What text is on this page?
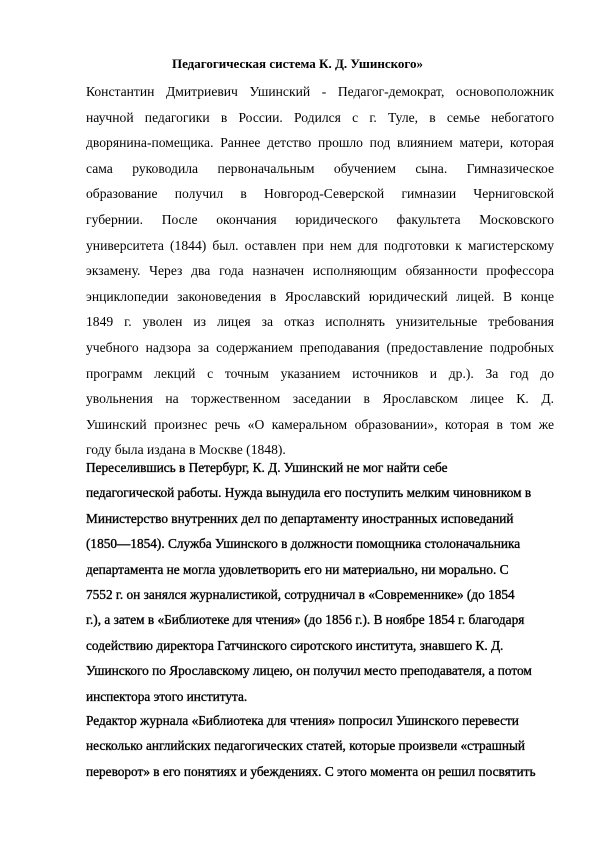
Педагогическая система К. Д. Ушинского»
Константин Дмитриевич Ушинский - Педагог-демократ, основоположник
научной педагогики в России. Родился с г. Туле, в семье небогатого
дворянина-помещика. Раннее детство прошло под влиянием матери, которая
сама руководила первоначальным обучением сына. Гимназическое
образование получил в Новгород-Северской гимназии Черниговской
губернии. После окончания юридического факультета Московского
университета (1844) был. оставлен при нем для подготовки к магистерскому
экзамену. Через два года назначен исполняющим обязанности профессора
энциклопедии законоведения в Ярославский юридический лицей. В конце
1849 г. уволен из лицея за отказ исполнять унизительные требования
учебного надзора за содержанием преподавания (предоставление подробных
программ лекций с точным указанием источников и др.). За год до
увольнения на торжественном заседании в Ярославском лицее К. Д.
Ушинский произнес речь «О камеральном образовании», которая в том же
году была издана в Москве (1848).
Переселившись в Петербург, К. Д. Ушинский не мог найти себе
педагогической работы. Нужда вынудила его поступить мелким чиновником в
Министерство внутренних дел по департаменту иностранных исповеданий
(1850—1854). Служба Ушинского в должности помощника столоначальника
департамента не могла удовлетворить его ни материально, ни морально. С
7552 г. он занялся журналистикой, сотрудничал в «Современнике» (до 1854
г.), а затем в «Библиотеке для чтения» (до 1856 г.). В ноябре 1854 г. благодаря
содействию директора Гатчинского сиротского института, знавшего К. Д.
Ушинского по Ярославскому лицею, он получил место преподавателя, а потом
инспектора этого института.
Редактор журнала «Библиотека для чтения» попросил Ушинского перевести
несколько английских педагогических статей, которые произвели «страшный
переворот» в его понятиях и убеждениях. С этого момента он решил посвятить
